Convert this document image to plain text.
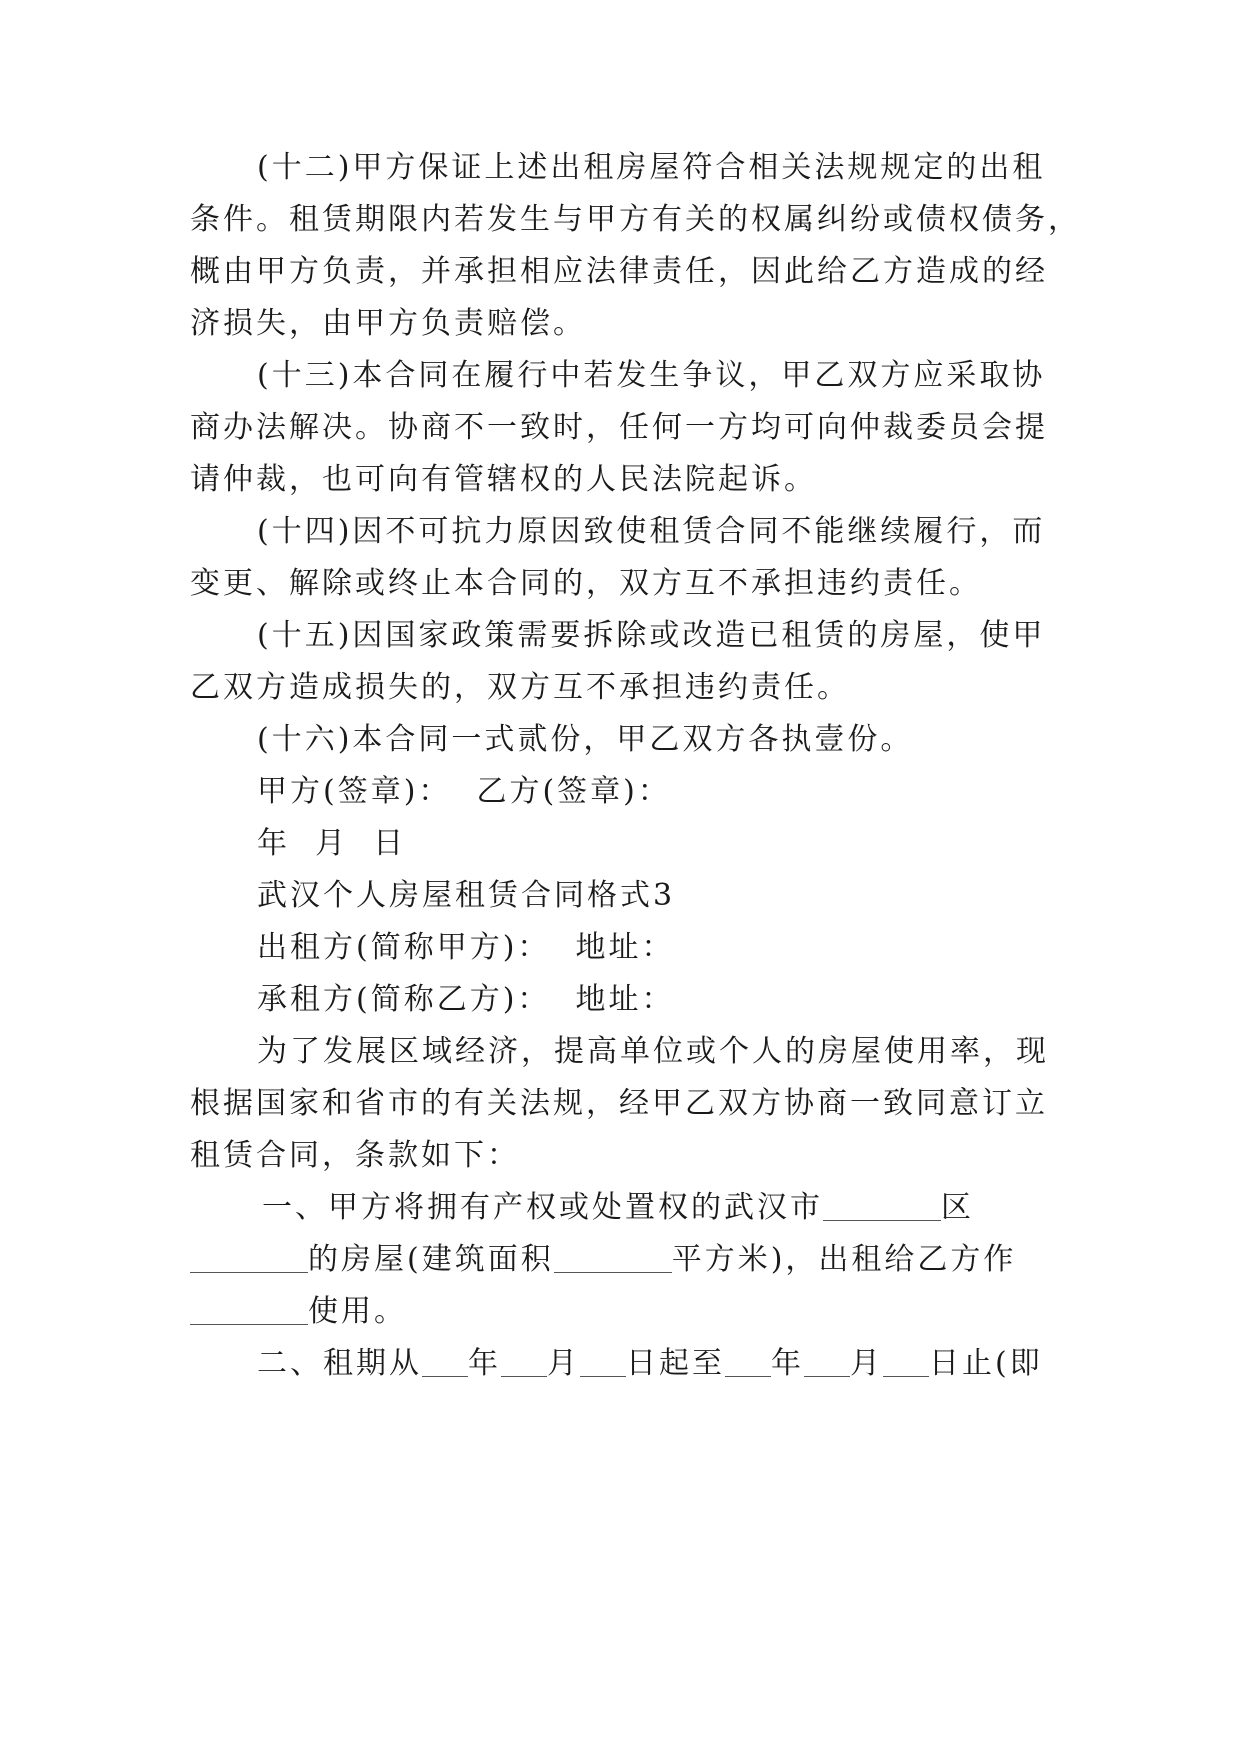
(十二)甲方保证上述出租房屋符合相关法规规定的出租

条件。租赁期限内若发生与甲方有关的权属纠纷或债权债务，

概由甲方负责，并承担相应法律责任，因此给乙方造成的经

济损失，由甲方负责赔偿。

(十三)本合同在履行中若发生争议，甲乙双方应采取协

商办法解决。协商不一致时，任何一方均可向仲裁委员会提

请仲裁，也可向有管辖权的人民法院起诉。

(十四)因不可抗力原因致使租赁合同不能继续履行，而

变更、解除或终止本合同的，双方互不承担违约责任。

(十五)因国家政策需要拆除或改造已租赁的房屋，使甲

乙双方造成损失的，双方互不承担违约责任。

(十六)本合同一式贰份，甲乙双方各执壹份。

甲方(签章)：  乙方(签章)：

年  月  日

武汉个人房屋租赁合同格式3

出租方(简称甲方)：  地址：

承租方(简称乙方)：  地址：

为了发展区域经济，提高单位或个人的房屋使用率，现

根据国家和省市的有关法规，经甲乙双方协商一致同意订立

租赁合同，条款如下：

一、甲方将拥有产权或处置权的武汉市	区

的房屋(建筑面积	平方米)，出租给乙方作

使用。

二、租期从 年 月 日起至 年 月 日止(即
